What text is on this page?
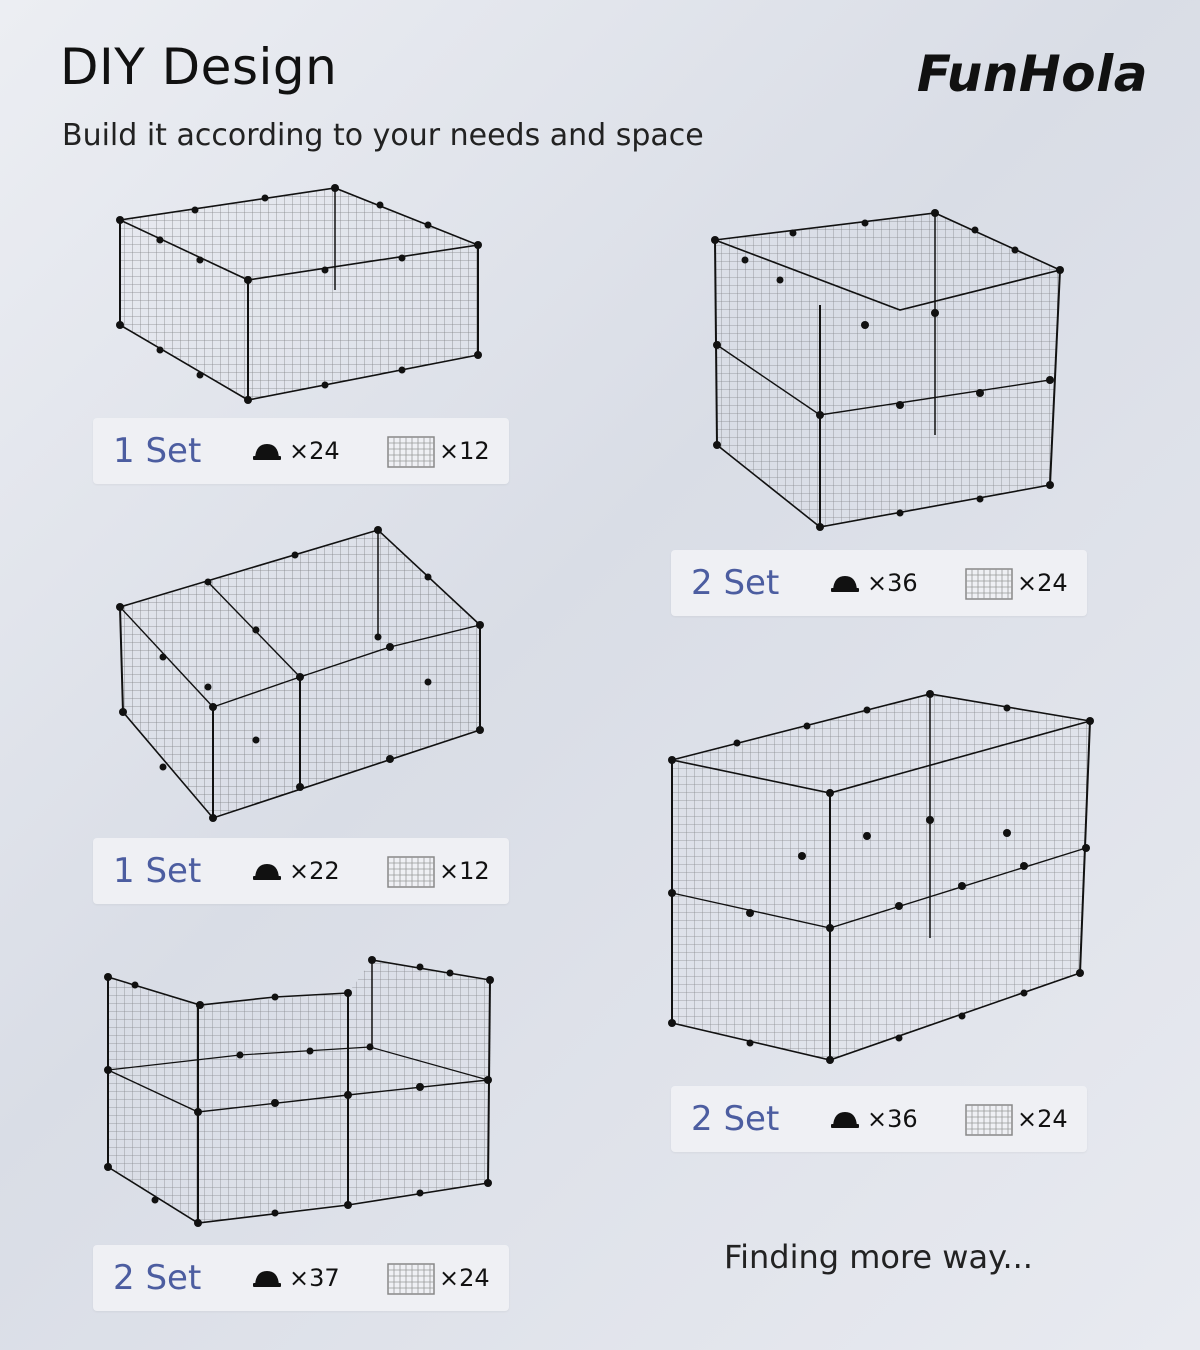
DIY Design
Build it according to your needs and space
FunHola
1 Set	×24	×12
2 Set	×36	×24
1 Set	×22	×12
2 Set	×36	×24
2 Set	×37	×24
Finding more way...
